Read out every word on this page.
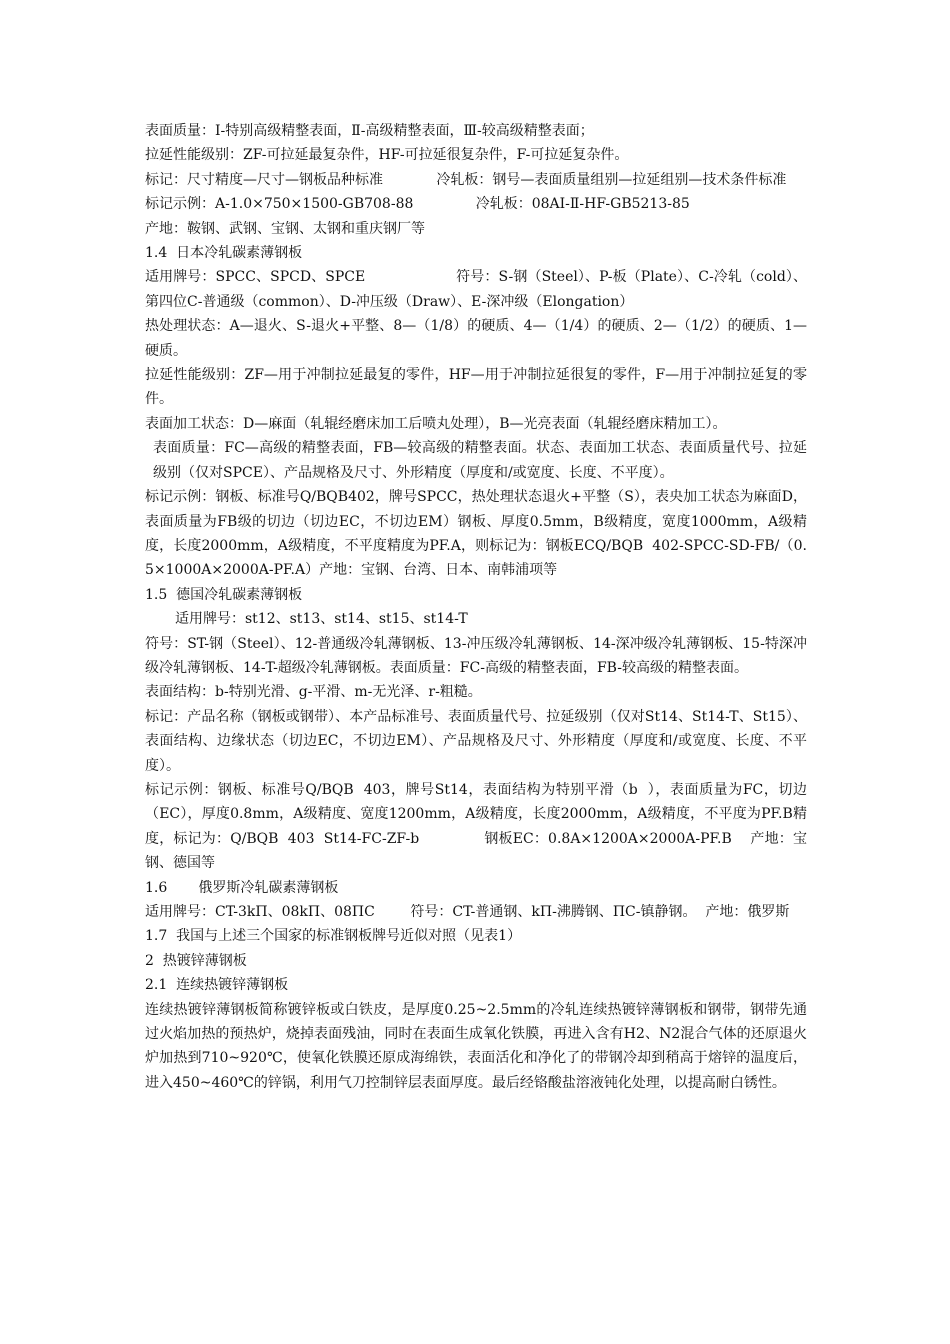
表面质量：Ⅰ-特别高级精整表面，Ⅱ-高级精整表面，Ⅲ-较高级精整表面；

拉延性能级别：ZF-可拉延最复杂件，HF-可拉延很复杂件，F-可拉延复杂件。

标记：尺寸精度—尺寸—钢板品种标准            冷轧板：钢号—表面质量组别—拉延组别—技术条件标准

标记示例：A-1.0×750×1500-GB708-88              冷轧板：08AⅠ-Ⅱ-HF-GB5213-85

产地：鞍钢、武钢、宝钢、太钢和重庆钢厂等

1.4  日本冷轧碳素薄钢板

适用牌号：SPCC、SPCD、SPCE                    符号：S-钢（Steel）、P-板（Plate）、C-冷轧（cold）、第四位C-普通级（common）、D-冲压级（Draw）、E-深冲级（Elongation）

热处理状态：A—退火、S-退火+平整、8—（1/8）的硬质、4—（1/4）的硬质、2—（1/2）的硬质、1—硬质。

拉延性能级别：ZF—用于冲制拉延最复的零件，HF—用于冲制拉延很复的零件，F—用于冲制拉延复的零件。

表面加工状态：D—麻面（轧辊经磨床加工后喷丸处理），B—光亮表面（轧辊经磨床精加工）。

表面质量：FC—高级的精整表面，FB—较高级的精整表面。状态、表面加工状态、表面质量代号、拉延级别（仅对SPCE）、产品规格及尺寸、外形精度（厚度和/或宽度、长度、不平度）。

标记示例：钢板、标准号Q/BQB402，牌号SPCC，热处理状态退火+平整（S），表央加工状态为麻面D，表面质量为FB级的切边（切边EC，不切边EM）钢板、厚度0.5mm，B级精度，宽度1000mm，A级精度，长度2000mm，A级精度，不平度精度为PF.A，则标记为：钢板ECQ/BQB  402-SPCC-SD-FB/（0.5×1000A×2000A-PF.A）产地：宝钢、台湾、日本、南韩浦项等

1.5  德国冷轧碳素薄钢板

适用牌号：st12、st13、st14、st15、st14-T

符号：ST-钢（Steel）、12-普通级冷轧薄钢板、13-冲压级冷轧薄钢板、14-深冲级冷轧薄钢板、15-特深冲级冷轧薄钢板、14-T-超级冷轧薄钢板。表面质量：FC-高级的精整表面，FB-较高级的精整表面。

表面结构：b-特别光滑、g-平滑、m-无光泽、r-粗糙。

标记：产品名称（钢板或钢带）、本产品标准号、表面质量代号、拉延级别（仅对St14、St14-T、St15）、表面结构、边缘状态（切边EC，不切边EM）、产品规格及尺寸、外形精度（厚度和/或宽度、长度、不平度）。

标记示例：钢板、标准号Q/BQB  403，牌号St14，表面结构为特别平滑（b  ），表面质量为FC，切边（EC），厚度0.8mm，A级精度、宽度1200mm，A级精度，长度2000mm，A级精度，不平度为PF.B精度，标记为：Q/BQB  403  St14-FC-ZF-b              钢板EC：0.8A×1200A×2000A-PF.B    产地：宝钢、德国等

1.6       俄罗斯冷轧碳素薄钢板

适用牌号：CT-3kП、08kП、08ПC        符号：CT-普通钢、kП-沸腾钢、ПC-镇静钢。  产地：俄罗斯

1.7  我国与上述三个国家的标准钢板牌号近似对照（见表1）

2  热镀锌薄钢板

2.1  连续热镀锌薄钢板

连续热镀锌薄钢板简称镀锌板或白铁皮，是厚度0.25~2.5mm的冷轧连续热镀锌薄钢板和钢带，钢带先通过火焰加热的预热炉，烧掉表面残油，同时在表面生成氧化铁膜，再进入含有H2、N2混合气体的还原退火炉加热到710~920℃，使氧化铁膜还原成海绵铁，表面活化和净化了的带钢冷却到稍高于熔锌的温度后，进入450~460℃的锌锅，利用气刀控制锌层表面厚度。最后经铬酸盐溶液钝化处理，以提高耐白锈性。
